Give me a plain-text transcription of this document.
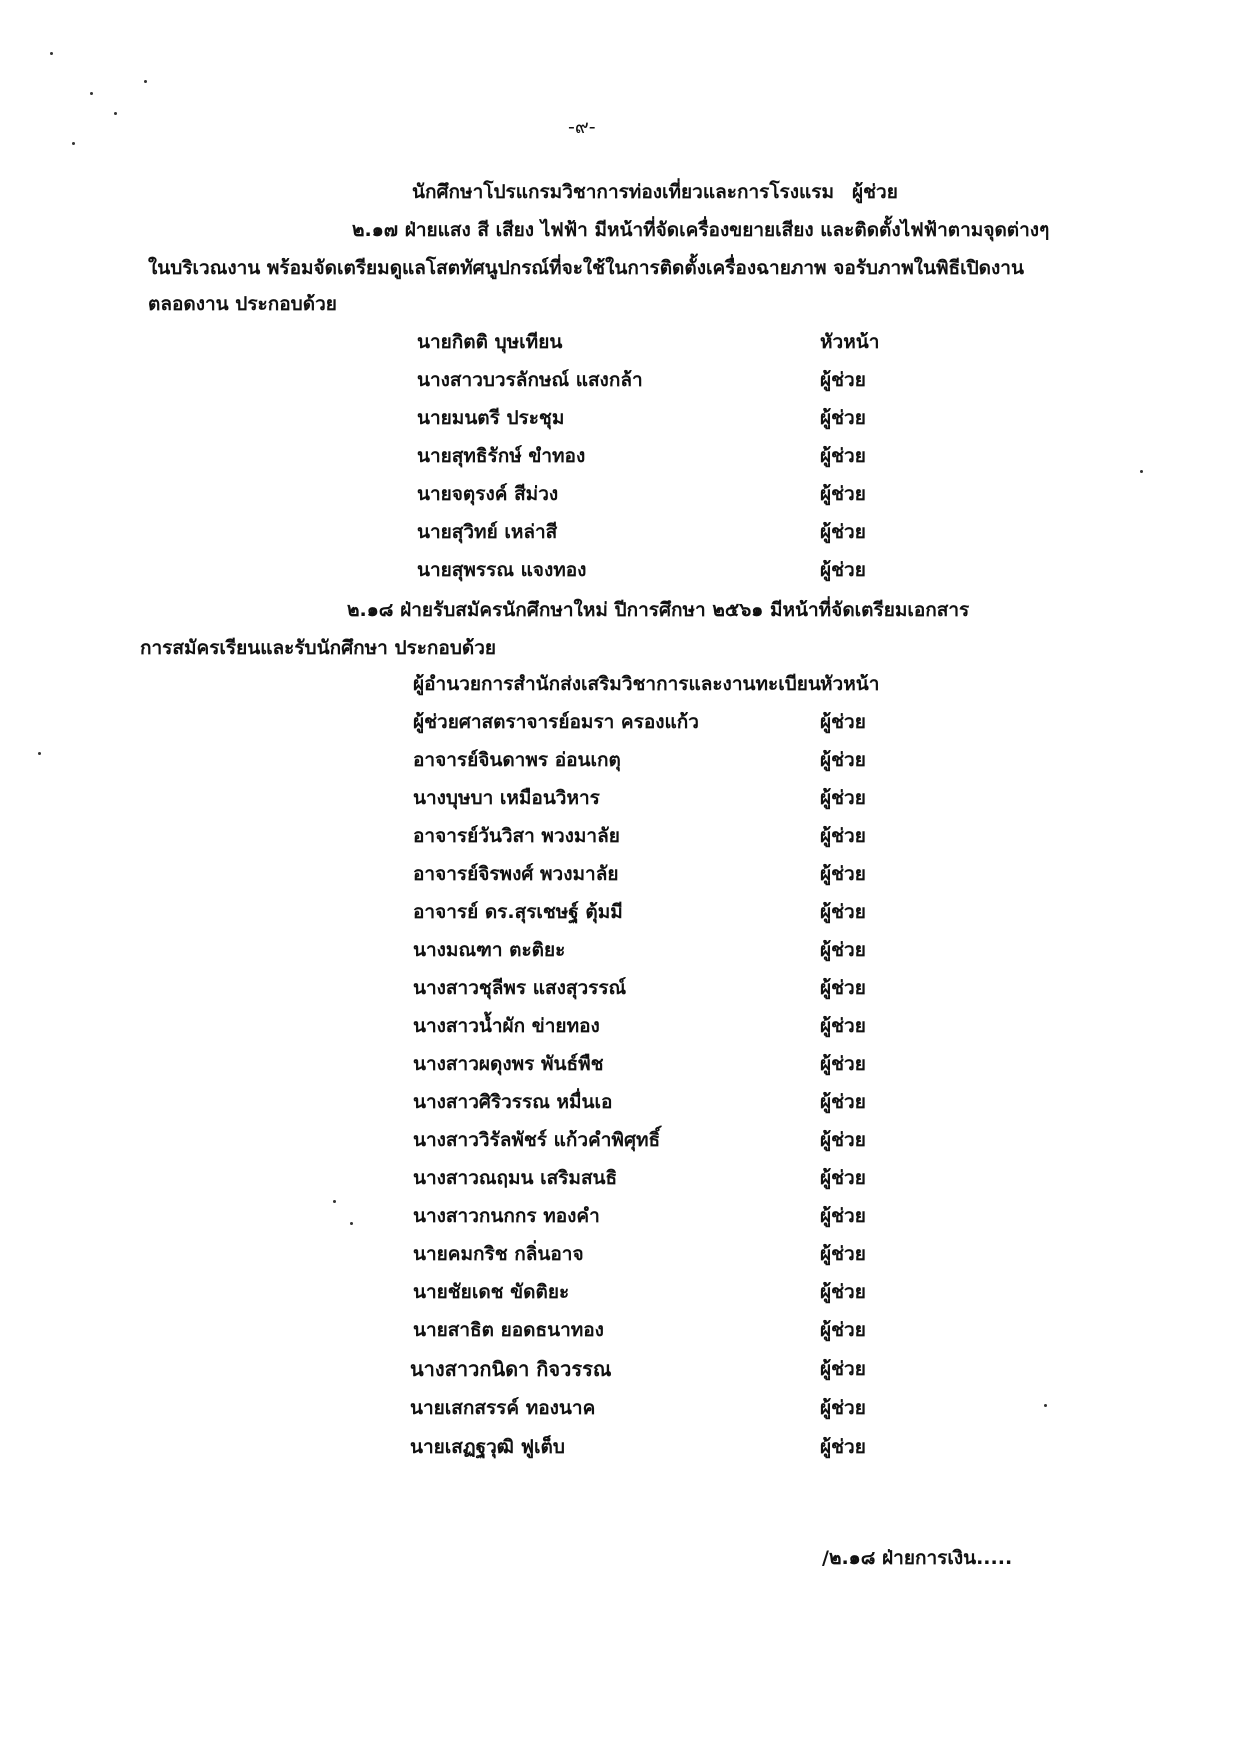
-๙-
นักศึกษาโปรแกรมวิชาการท่องเที่ยวและการโรงแรม ผู้ช่วย
๒.๑๗ ฝ่ายแสง สี เสียง ไฟฟ้า มีหน้าที่จัดเครื่องขยายเสียง และติดตั้งไฟฟ้าตามจุดต่างๆ
ในบริเวณงาน พร้อมจัดเตรียมดูแลโสตทัศนูปกรณ์ที่จะใช้ในการติดตั้งเครื่องฉายภาพ จอรับภาพในพิธีเปิดงาน
ตลอดงาน ประกอบด้วย
นายกิตติ บุษเทียน	หัวหน้า
นางสาวบวรลักษณ์ แสงกล้า	ผู้ช่วย
นายมนตรี ประชุม	ผู้ช่วย
นายสุทธิรักษ์ ขำทอง	ผู้ช่วย
นายจตุรงค์ สีม่วง	ผู้ช่วย
นายสุวิทย์ เหล่าสี	ผู้ช่วย
นายสุพรรณ แจงทอง	ผู้ช่วย
๒.๑๘ ฝ่ายรับสมัครนักศึกษาใหม่ ปีการศึกษา ๒๕๖๑ มีหน้าที่จัดเตรียมเอกสาร
การสมัครเรียนและรับนักศึกษา ประกอบด้วย
ผู้อำนวยการสำนักส่งเสริมวิชาการและงานทะเบียน หัวหน้า
ผู้ช่วยศาสตราจารย์อมรา ครองแก้ว	ผู้ช่วย
อาจารย์จินดาพร อ่อนเกตุ	ผู้ช่วย
นางบุษบา เหมือนวิหาร	ผู้ช่วย
อาจารย์วันวิสา พวงมาลัย	ผู้ช่วย
อาจารย์จิรพงศ์ พวงมาลัย	ผู้ช่วย
อาจารย์ ดร.สุรเชษฐ์ ตุ้มมี	ผู้ช่วย
นางมณฑา ตะติยะ	ผู้ช่วย
นางสาวชุลีพร แสงสุวรรณ์	ผู้ช่วย
นางสาวน้ำผัก ข่ายทอง	ผู้ช่วย
นางสาวผดุงพร พันธ์พืช	ผู้ช่วย
นางสาวศิริวรรณ หมื่นเอ	ผู้ช่วย
นางสาววิรัลพัชร์ แก้วคำพิศุทธิ์	ผู้ช่วย
นางสาวณฤมน เสริมสนธิ	ผู้ช่วย
นางสาวกนกกร ทองคำ	ผู้ช่วย
นายคมกริช กลิ่นอาจ	ผู้ช่วย
นายชัยเดช ขัดติยะ	ผู้ช่วย
นายสาธิต ยอดธนาทอง	ผู้ช่วย
นางสาวกนิดา กิจวรรณ	ผู้ช่วย
นายเสกสรรค์ ทองนาค	ผู้ช่วย
นายเสฏฐวุฒิ ฟูเต็บ	ผู้ช่วย
/๒.๑๘ ฝ่ายการเงิน.....
